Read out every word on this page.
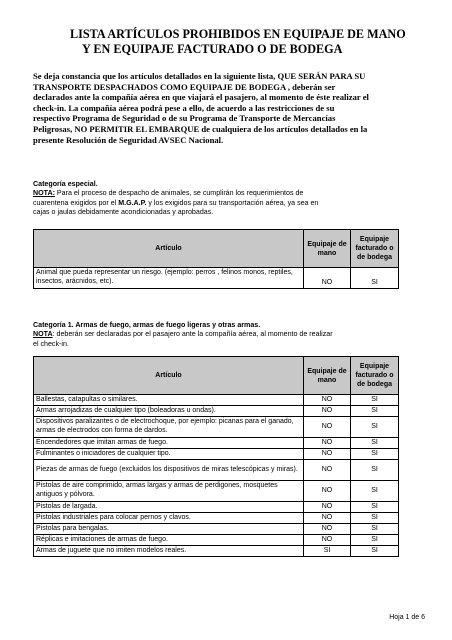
LISTA ARTÍCULOS PROHIBIDOS EN EQUIPAJE DE MANO
Y EN EQUIPAJE FACTURADO O DE BODEGA

Se deja constancia que los artículos detallados en la siguiente lista, QUE SERÁN PARA SU

TRANSPORTE DESPACHADOS COMO EQUIPAJE DE BODEGA , deberán ser

declarados ante la compañía aérea en que viajará el pasajero, al momento de éste realizar el

check-in. La compañía aérea podrá pese a ello, de acuerdo a las restricciones de su

respectivo Programa de Seguridad o de su Programa de Transporte de Mercancías

Peligrosas, NO PERMITIR EL EMBARQUE de cualquiera de los artículos detallados en la

presente Resolución de Seguridad AVSEC Nacional.

Categoría especial.
NOTA: Para el proceso de despacho de animales, se cumplirán los requerimientos de
cuarentena exigidos por el M.G.A.P. y los exigidos para su transportación aérea, ya sea en
cajas o jaulas debidamente acondicionadas y aprobadas.
Artículo	Equipaje de mano	Equipaje facturado o de bodega
Animal que pueda representar un riesgo. (ejemplo: perros , felinos monos, reptiles, insectos, arácnidos, etc).	NO	SI
Categoría 1. Armas de fuego, armas de fuego ligeras y otras armas.
NOTA: deberán ser declaradas por el pasajero ante la compañía aérea, al momento de realizar
el check-in.
Artículo	Equipaje de mano	Equipaje facturado o de bodega
Ballestas, catapultas o similares.	NO	SI
Armas arrojadizas de cualquier tipo (boleadoras u ondas).	NO	SI
Dispositivos paralizantes o de electrochoque, por ejemplo: picanas para el ganado, armas de electrodos con forma de dardos.	NO	SI
Encendedores que imitan armas de fuego.	NO	SI
Fulminantes o iniciadores de cualquier tipo.	NO	SI
Piezas de armas de fuego (excluidos los dispositivos de miras telescópicas y miras).	NO	SI
Pistolas de aire comprimido, armas largas y armas de perdigones, mosquetes antiguos y pólvora.	NO	SI
Pistolas de largada.	NO	SI
Pistolas industriales para colocar pernos y clavos.	NO	SI
Pistolas para bengalas.	NO	SI
Réplicas e imitaciones de armas de fuego.	NO	SI
Armas de juguete que no imiten modelos reales.	SI	SI
Hoja 1 de 6
